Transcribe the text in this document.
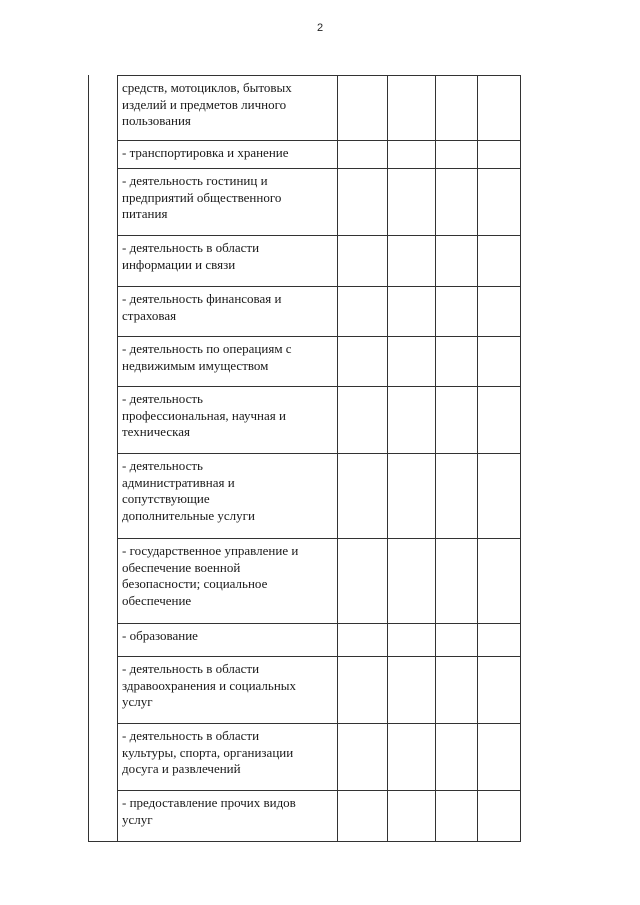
2
средств, мотоциклов, бытовых
изделий и предметов личного
пользования				
- транспортировка и хранение				
- деятельность гостиниц и
предприятий общественного
питания				
- деятельность в области
информации и связи				
- деятельность финансовая и
страховая				
- деятельность по операциям с
недвижимым имуществом				
- деятельность
профессиональная, научная и
техническая				
- деятельность
административная и
сопутствующие
дополнительные услуги				
- государственное управление и
обеспечение военной
безопасности; социальное
обеспечение				
- образование				
- деятельность в области
здравоохранения и социальных
услуг				
- деятельность в области
культуры, спорта, организации
досуга и развлечений				
- предоставление прочих видов
услуг				
